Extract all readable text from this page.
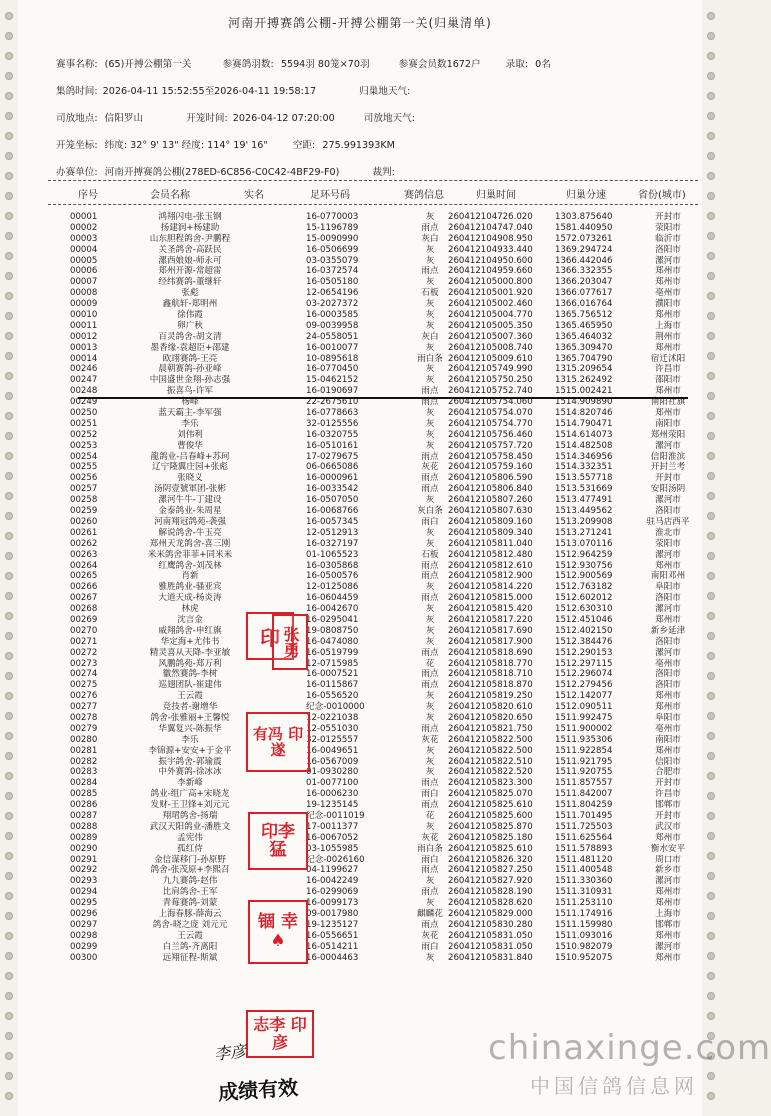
河南开搏赛鸽公棚-开搏公棚第一关(归巢清单)
赛事名称: (65)开搏公棚第一关	参赛鸽羽数: 5594羽 80笼×70羽	参赛会员数1672户	录取: 0名
集鸽时间: 2026-04-11 15:52:55至2026-04-11 19:58:17	归巢地天气:
司放地点: 信阳罗山	开笼时间: 2026-04-12 07:20:00	司放地天气:
开笼坐标: 纬度: 32° 9' 13" 经度: 114° 19' 16"	空距: 275.991393KM
办赛单位: 河南开搏赛鸽公棚(278ED-6C856-C0C42-4BF29-F0)	裁判:
序号	会员名称	实名	足环号码	赛鸽信息	归巢时间	归巢分速	省份(城市)
00001	鸿翔闪电-张玉钢	16-0770003	灰	260412104726.020	1303.875640	开封市
00002	扬建润+杨建助	15-1196789	雨点	260412104747.040	1581.440950	荥阳市
00003	山东胆程鸽舍-尹鹏程	15-0090990	灰白	260412104908.950	1572.073261	临沂市
00004	关圣鸽舍-高跃民	16-0506699	灰	260412104933.440	1369.294724	洛阳市
00005	漯西娘娘-师永可	03-0355079	灰	260412104950.600	1366.442046	漯河市
00006	郑州开源-常超雷	16-0372574	雨点	260412104959.660	1366.332355	郑州市
00007	经纬赛鸽-董继轩	16-0505180	灰	260412105000.800	1366.203047	郑州市
00008	张彪	12-0654196	石板	260412105001.920	1366.077617	亳州市
00009	鑫航轩-郑明州	03-2027372	灰	260412105002.460	1366.016764	濮阳市
00010	徐伟霞	16-0003585	灰	260412105004.770	1365.756512	郑州市
00011	卵广秋	09-0039958	灰	260412105005.350	1365.465950	上海市
00012	百灵鸽舍-胡文清	24-0558051	灰白	260412105007.360	1365.464032	荆州市
00013	墨香缘-袁超臣+邵建	16-0010077	灰	260412105008.740	1365.309470	郑州市
00014	欧翊赛鸽-王亮	10-0895618	雨白条 260412105009.610	1365.704790	宿迁沭阳
00246	晨朝赛鸽-孙亚峰	16-0770450	灰	260412105749.990	1315.209654	许昌市
00247	中国盛世金翔-孙志强	15-0462152	灰	260412105750.250	1315.262492	邵阳市
00248	振喜鸟-许军	16-0190697	雨点	260412105752.740	1515.002421	郑州市
00249	杨峰	22-2675610	雨点	260412105754.060	1514.909890	南阳社旗
00250	蓝天霸主-李军强	16-0778663	灰	260412105754.070	1514.820746	郑州市
00251	李乐	32-0125556	灰	260412105754.770	1514.790471	南阳市
00252	刘伟利	16-0320755	灰	260412105756.460	1514.614073	郑州荥阳
00253	曹俊华	16-0510161	灰	260412105757.720	1514.482508	漯河市
00254	龍鸽业-吕春峰+苏珂	17-0279675	雨点	260412105758.450	1514.346956	信阳淮滨
00255	辽宁隆翼庄园+张彪	06-0665086	灰花	260412105759.160	1514.332351	开封兰考
00256	张晓义	16-0000961	雨点	260412105806.590	1513.557718	开封市
00257	汤阴壹號軍团-张彬	16-0033542	雨点	260412105806.840	1513.531669	安阳汤阴
00258	漯河牛牛-丁建设	16-0507050	灰	260412105807.260	1513.477491	漯河市
00259	金泰鸽业-朱周星	16-0068766	灰白条 260412105807.630	1513.449562	洛阳市
00260	河南翔冠鸽苑-袭强	16-0057345	雨白	260412105809.160	1513.209908	驻马店西平
00261	解说鸽舍-牛玉亮	12-0512913	灰	260412105809.340	1513.271241	淮北市
00262	郑州天龙鸽舍-喜三刚	16-0327197	灰	260412105811.040	1513.070116	荥阳市
00263	米米鸽舍菲菲+同米米	01-1065523	石板	260412105812.480	1512.964259	漯河市
00264	红鹰鸽舍-刘茂林	16-0305868	雨点	260412105812.610	1512.930756	郑州市
00265	肖新	16-0500576	雨点	260412105812.900	1512.900569	南阳邓州
00266	雅胜鸽业-骚亚宾	12-0125086	灰	260412105814.220	1512.763182	阜阳市
00267	大道天成-杨炎涛	16-0604459	雨点	260412105815.000	1512.602012	洛阳市
00268	林虎	16-0042670	灰	260412105815.420	1512.630310	漯河市
00269	沈言金	16-0295041	灰	260412105817.220	1512.451046	郑州市
00270	威翔鸽舍-申红旗	19-0808750	灰	260412105817.690	1512.402150	新乡延津
00271	华定海+尤伟书	16-0474080	灰	260412105817.900	1512.384476	洛阳市
00272	精灵喜从天降-李亚敏	16-0519799	雨点	260412105818.690	1512.290153	漯河市
00273	风鹏鸽苑-郑万利	12-0715985	花	260412105818.770	1512.297115	亳州市
00274	徽然赛鸽-李树	16-0007521	雨点	260412105818.710	1512.296074	洛阳市
00275	巡翅团队-崔建伟	16-0115867	雨点	260412105818.870	1512.279456	洛阳市
00276	王云霞	16-0556520	灰	260412105819.250	1512.142077	郑州市
00277	竞技者-谢增华	纪念-0010000	灰	260412105820.610	1512.090511	郑州市
00278	鸽舍-张雅丽+王馨悦	12-0221038	灰	260412105820.650	1511.992475	阜阳市
00279	华翼复兴-陈振华	12-0551030	雨点	260412105821.750	1511.900002	亳州市
00280	李乐	32-0125557	灰花	260412105822.500	1511.935306	南阳市
00281	李锦源+安安+于金平	16-0049651	灰	260412105822.500	1511.922854	郑州市
00282	振宇鸽舍-郭瑜震	16-0567009	灰	260412105822.510	1511.921795	信阳市
00283	中外赛鸽-徐冰冰	01-0930280	灰	260412105822.520	1511.920755	合肥市
00284	李新峰	01-0077100	雨点	260412105823.300	1511.857557	开封市
00285	鸽业-组广高+宋晓龙	16-0006230	雨白	260412105825.070	1511.842007	许昌市
00286	发财-王卫锋+刘元元	19-1235145	雨点	260412105825.610	1511.804259	邯郸市
00287	翔珺鸽舍-扬瑞	纪念-0011019	花	260412105825.600	1511.701495	开封市
00288	武汉天阳鸽业-潘胜文	17-0011377	灰	260412105825.870	1511.725503	武汉市
00289	孟宪伟	16-0067052	灰花	260412105825.180	1511.625564	郑州市
00290	孤红侍	03-1055985	雨白条 260412105825.610	1511.578893	衡水安平
00291	金信谋移门-孙原野	纪念-0026160	雨白	260412105826.320	1511.481120	周口市
00292	鸽舍-张茂原+李熙召	04-1199627	雨点	260412105827.250	1511.400548	新乡市
00293	九九赛鸽-赵伟	16-0042249	灰	260412105827.920	1511.330360	漯河市
00294	比肩鸽舍-王军	16-0299069	雨点	260412105828.190	1511.310931	郑州市
00295	青莓赛鸽-刘蒙	16-0099173	灰	260412105828.620	1511.253110	郑州市
00296	上海春豚-薛海云	09-0017980	麒麟花 260412105829.000	1511.174916	上海市
00297	鸽舍-晓之庞 刘元元	19-1235127	雨点	260412105830.280	1511.159980	邯郸市
00298	王云霞	16-0556651	灰花	260412105831.050	1511.093016	郑州市
00299	白兰鸽-齐离阳	16-0514211	雨白	260412105831.050	1510.982079	漯河市
00300	远翔征程-斯斌	16-0004463	灰	260412105831.840	1510.952075	郑州市
印 张勇
有冯 印遂
印李 猛
锢 幸 ♠
志李 印彦
李彦
成绩有效
chinaxinge.com
中国信鸽信息网
